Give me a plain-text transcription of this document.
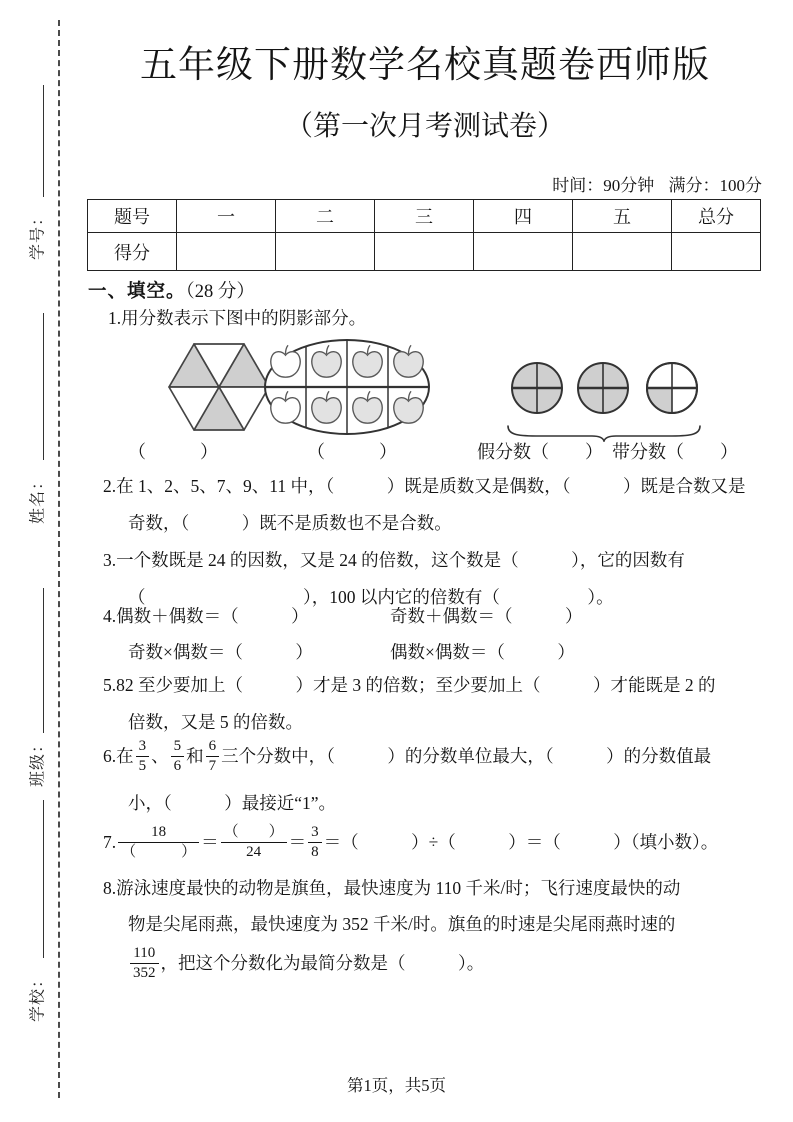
学号：
姓名：
班级：
学校：
五年级下册数学名校真题卷西师版
（第一次月考测试卷）
时间：90分钟 满分：100分
题号	一	二	三	四	五	总分
得分						
一、填空。（28 分）
1.用分数表示下图中的阴影部分。
（　　　）	（　　　）	假分数（　　） 带分数（　　）
2.在 1、2、5、7、9、11 中，（　　　）既是质数又是偶数，（　　　）既是合数又是
奇数，（　　　）既不是质数也不是合数。
3.一个数既是 24 的因数，又是 24 的倍数，这个数是（　　　），它的因数有
（　　　　　　　　　），100 以内它的倍数有（　　　　　）。
4.偶数＋偶数＝（　　　）	奇数＋偶数＝（　　　）
奇数×偶数＝（　　　）	偶数×偶数＝（　　　）
5.82 至少要加上（　　　）才是 3 的倍数；至少要加上（　　　）才能既是 2 的
倍数，又是 5 的倍数。
6.在 $\frac{3}{5}$ 、 $\frac{5}{6}$ 和 $\frac{6}{7}$ 三个分数中，（　　　）的分数单位最大，（　　　）的分数值最
小，（　　　）最接近“1”。
7. $\frac{18}{( )} = \frac{( )}{24} = \frac{3}{8}$ ＝（　　　）÷（　　　）＝（　　　）（填小数）。
8.游泳速度最快的动物是旗鱼，最快速度为 110 千米/时；飞行速度最快的动
物是尖尾雨燕，最快速度为 352 千米/时。旗鱼的时速是尖尾雨燕时速的
$\frac{110}{352}$ ，把这个分数化为最简分数是（　　　）。
第1页，共5页
